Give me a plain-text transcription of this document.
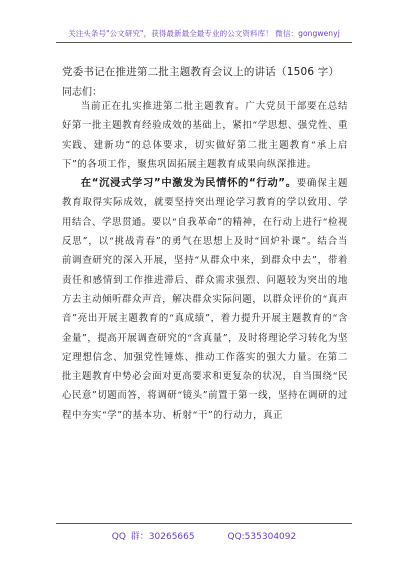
关注头条号"公文研究"，获得最新最全最专业的公文资料库！ 微信：gongwenyj
党委书记在推进第二批主题教育会议上的讲话（1506 字）
同志们：

当前正在扎实推进第二批主题教育。广大党员干部要在总结好第一批主题教育经验成效的基础上，紧扣“学思想、强党性、重实践、建新功”的总体要求，切实做好第二批主题教育“承上启下”的各项工作，聚焦巩固拓展主题教育成果向纵深推进。

在“沉浸式学习”中激发为民情怀的“行动”。要确保主题教育取得实际成效，就要坚持突出理论学习教育的学以致用、学用结合、学思贯通。要以“自我革命”的精神，在行动上进行“检视反思”，以“挑战青春”的勇气在思想上及时“回炉补课”。结合当前调查研究的深入开展，坚持“从群众中来，到群众中去”，带着责任和感情到工作推进滞后、群众需求强烈、问题较为突出的地方去主动倾听群众声音，解决群众实际问题，以群众评价的“真声音”亮出开展主题教育的“真成绩”，着力提升开展主题教育的“含金量”，提高开展调查研究的“含真量”，及时将理论学习转化为坚定理想信念、加强党性锤炼、推动工作落实的强大力量。在第二批主题教育中势必会面对更高要求和更复杂的状况，自当围绕“民心民意”切题而答，将调研“镜头”前置于第一线，坚持在调研的过程中夯实“学”的基本功、析射“干”的行动力，真正

QQ 群：30265665	QQ:535304092
